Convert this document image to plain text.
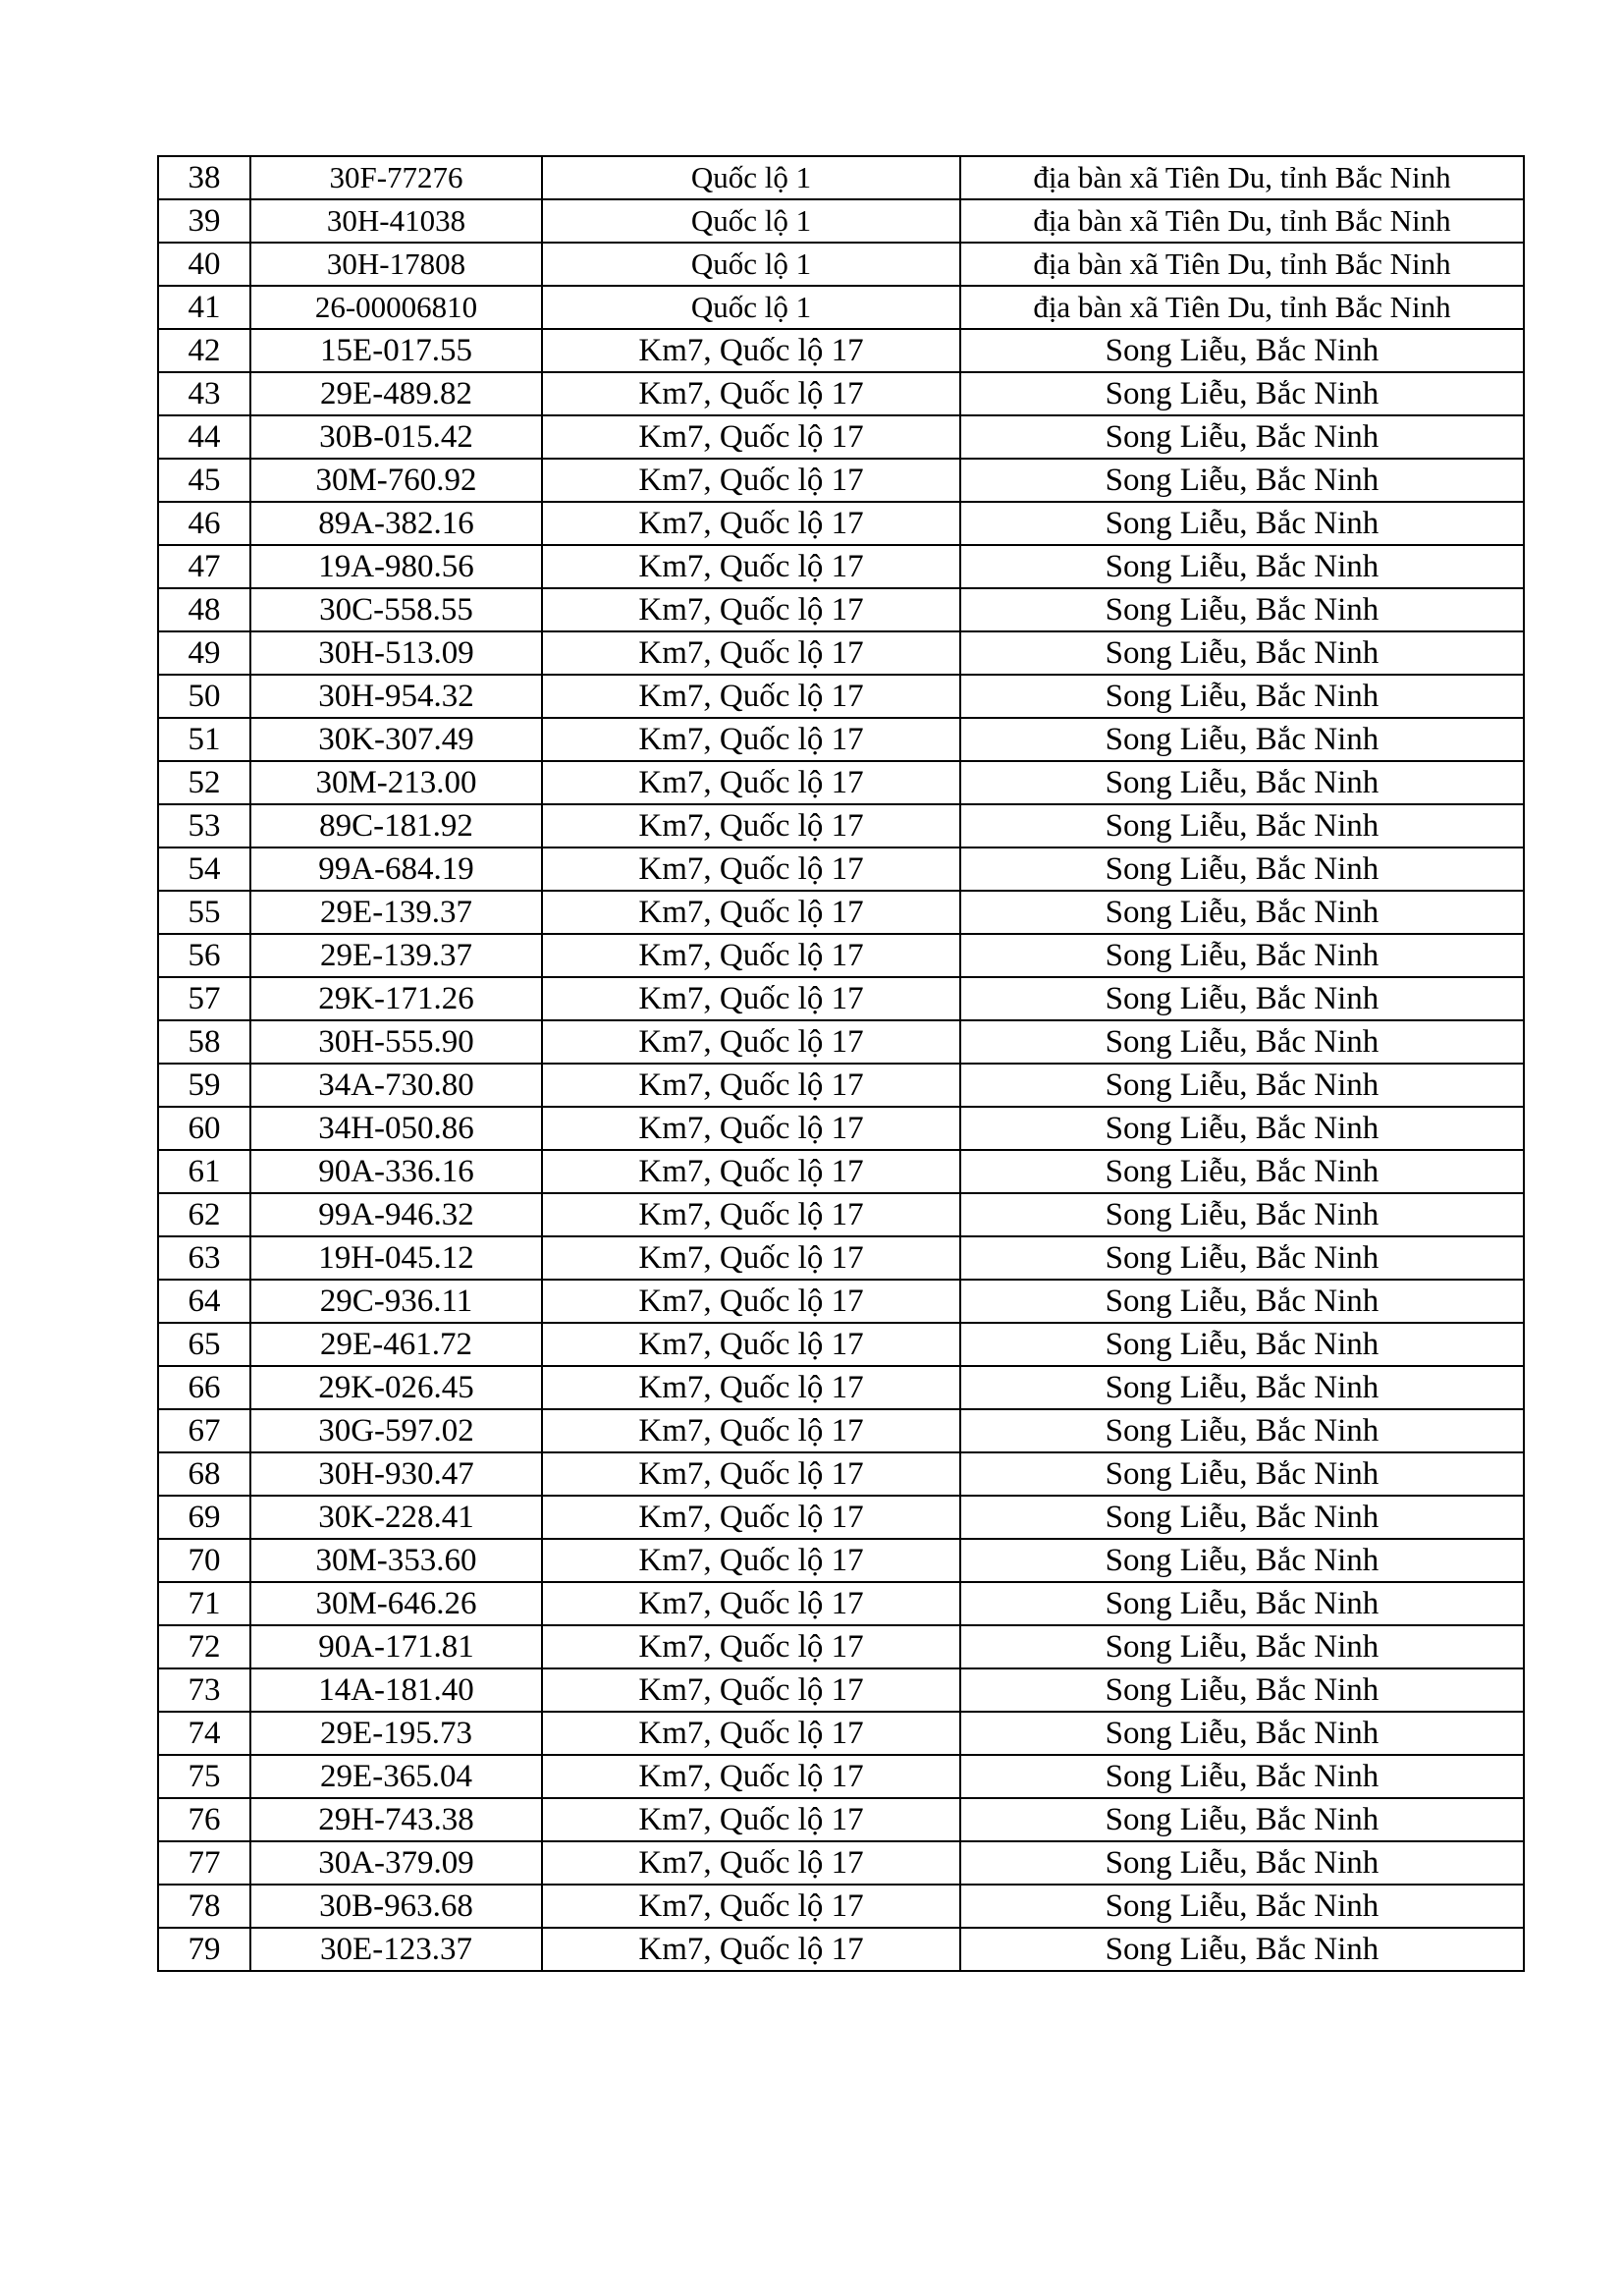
38	30F-77276	Quốc lộ 1	địa bàn xã Tiên Du, tỉnh Bắc Ninh
39	30H-41038	Quốc lộ 1	địa bàn xã Tiên Du, tỉnh Bắc Ninh
40	30H-17808	Quốc lộ 1	địa bàn xã Tiên Du, tỉnh Bắc Ninh
41	26-00006810	Quốc lộ 1	địa bàn xã Tiên Du, tỉnh Bắc Ninh
42	15E-017.55	Km7, Quốc lộ 17	Song Liễu, Bắc Ninh
43	29E-489.82	Km7, Quốc lộ 17	Song Liễu, Bắc Ninh
44	30B-015.42	Km7, Quốc lộ 17	Song Liễu, Bắc Ninh
45	30M-760.92	Km7, Quốc lộ 17	Song Liễu, Bắc Ninh
46	89A-382.16	Km7, Quốc lộ 17	Song Liễu, Bắc Ninh
47	19A-980.56	Km7, Quốc lộ 17	Song Liễu, Bắc Ninh
48	30C-558.55	Km7, Quốc lộ 17	Song Liễu, Bắc Ninh
49	30H-513.09	Km7, Quốc lộ 17	Song Liễu, Bắc Ninh
50	30H-954.32	Km7, Quốc lộ 17	Song Liễu, Bắc Ninh
51	30K-307.49	Km7, Quốc lộ 17	Song Liễu, Bắc Ninh
52	30M-213.00	Km7, Quốc lộ 17	Song Liễu, Bắc Ninh
53	89C-181.92	Km7, Quốc lộ 17	Song Liễu, Bắc Ninh
54	99A-684.19	Km7, Quốc lộ 17	Song Liễu, Bắc Ninh
55	29E-139.37	Km7, Quốc lộ 17	Song Liễu, Bắc Ninh
56	29E-139.37	Km7, Quốc lộ 17	Song Liễu, Bắc Ninh
57	29K-171.26	Km7, Quốc lộ 17	Song Liễu, Bắc Ninh
58	30H-555.90	Km7, Quốc lộ 17	Song Liễu, Bắc Ninh
59	34A-730.80	Km7, Quốc lộ 17	Song Liễu, Bắc Ninh
60	34H-050.86	Km7, Quốc lộ 17	Song Liễu, Bắc Ninh
61	90A-336.16	Km7, Quốc lộ 17	Song Liễu, Bắc Ninh
62	99A-946.32	Km7, Quốc lộ 17	Song Liễu, Bắc Ninh
63	19H-045.12	Km7, Quốc lộ 17	Song Liễu, Bắc Ninh
64	29C-936.11	Km7, Quốc lộ 17	Song Liễu, Bắc Ninh
65	29E-461.72	Km7, Quốc lộ 17	Song Liễu, Bắc Ninh
66	29K-026.45	Km7, Quốc lộ 17	Song Liễu, Bắc Ninh
67	30G-597.02	Km7, Quốc lộ 17	Song Liễu, Bắc Ninh
68	30H-930.47	Km7, Quốc lộ 17	Song Liễu, Bắc Ninh
69	30K-228.41	Km7, Quốc lộ 17	Song Liễu, Bắc Ninh
70	30M-353.60	Km7, Quốc lộ 17	Song Liễu, Bắc Ninh
71	30M-646.26	Km7, Quốc lộ 17	Song Liễu, Bắc Ninh
72	90A-171.81	Km7, Quốc lộ 17	Song Liễu, Bắc Ninh
73	14A-181.40	Km7, Quốc lộ 17	Song Liễu, Bắc Ninh
74	29E-195.73	Km7, Quốc lộ 17	Song Liễu, Bắc Ninh
75	29E-365.04	Km7, Quốc lộ 17	Song Liễu, Bắc Ninh
76	29H-743.38	Km7, Quốc lộ 17	Song Liễu, Bắc Ninh
77	30A-379.09	Km7, Quốc lộ 17	Song Liễu, Bắc Ninh
78	30B-963.68	Km7, Quốc lộ 17	Song Liễu, Bắc Ninh
79	30E-123.37	Km7, Quốc lộ 17	Song Liễu, Bắc Ninh
